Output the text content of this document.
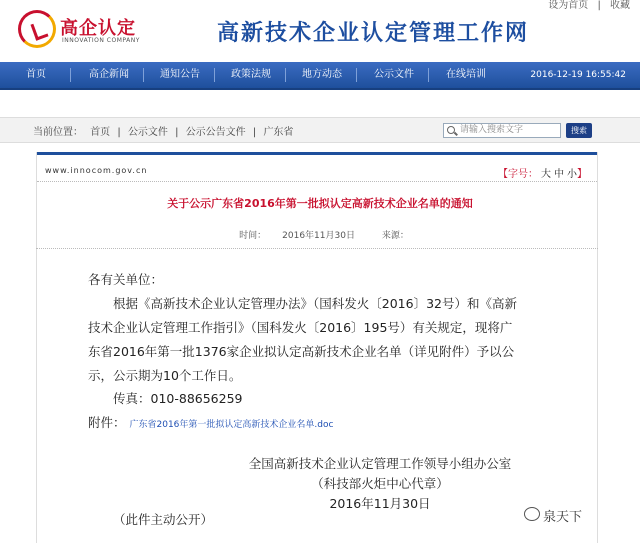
设为首页 | 收藏
高企认定
INNOVATION COMPANY	高新技术企业认定管理工作网
首页	高企新闻	通知公告	政策法规	地方动态	公示文件	在线培训	2016-12-19 16:55:42
当前位置： 首页 | 公示文件 | 公示公告文件 | 广东省	请输入搜索文字	搜索
www.innocom.gov.cn	【字号： 大 中 小】
关于公示广东省2016年第一批拟认定高新技术企业名单的通知
时间： 2016年11月30日	来源：
各有关单位：
根据《高新技术企业认定管理办法》（国科发火〔2016〕32号）和《高新
技术企业认定管理工作指引》（国科发火〔2016〕195号）有关规定，现将广
东省2016年第一批1376家企业拟认定高新技术企业名单（详见附件）予以公
示，公示期为10个工作日。
传真：010-88656259
附件： 广东省2016年第一批拟认定高新技术企业名单.doc
全国高新技术企业认定管理工作领导小组办公室
（科技部火炬中心代章）
2016年11月30日
（此件主动公开）	泉天下
